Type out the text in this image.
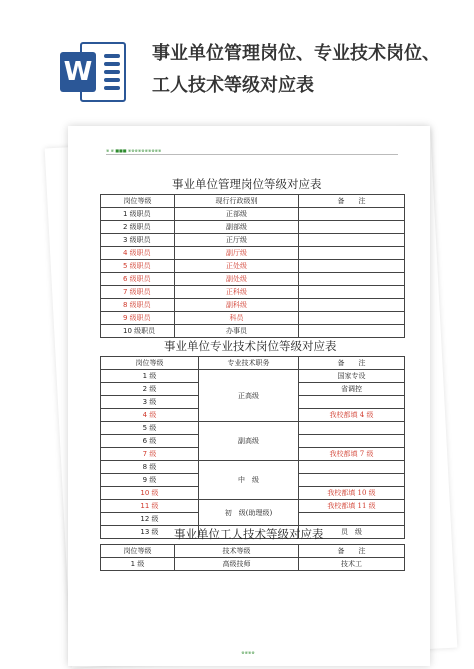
W
事业单位管理岗位、专业技术岗位、工人技术等级对应表
※ ※ ■■■ ※※※※※※※※※※
事业单位管理岗位等级对应表
岗位等级	现行行政级别	备　　注
1 级职员	正部级	
2 级职员	副部级	
3 级职员	正厅级	
4 级职员	副厅级	
5 级职员	正处级	
6 级职员	副处级	
7 级职员	正科级	
8 级职员	副科级	
9 级职员	科员	
10 级职员	办事员	
事业单位专业技术岗位等级对应表
岗位等级	专业技术职务	备　　注
1 级	正高级	国家专设
2 级		省调控
3 级		
4 级		我校都填 4 级
5 级	副高级	
6 级		
7 级		我校都填 7 级
8 级	中　级	
9 级		
10 级		我校都填 10 级
11 级	初　级(助理级)	我校都填 11 级
12 级		
13 级		员　级
事业单位工人技术等级对应表
岗位等级	技术等级	备　　注
1 级	高级技师	技术工
※※※※
